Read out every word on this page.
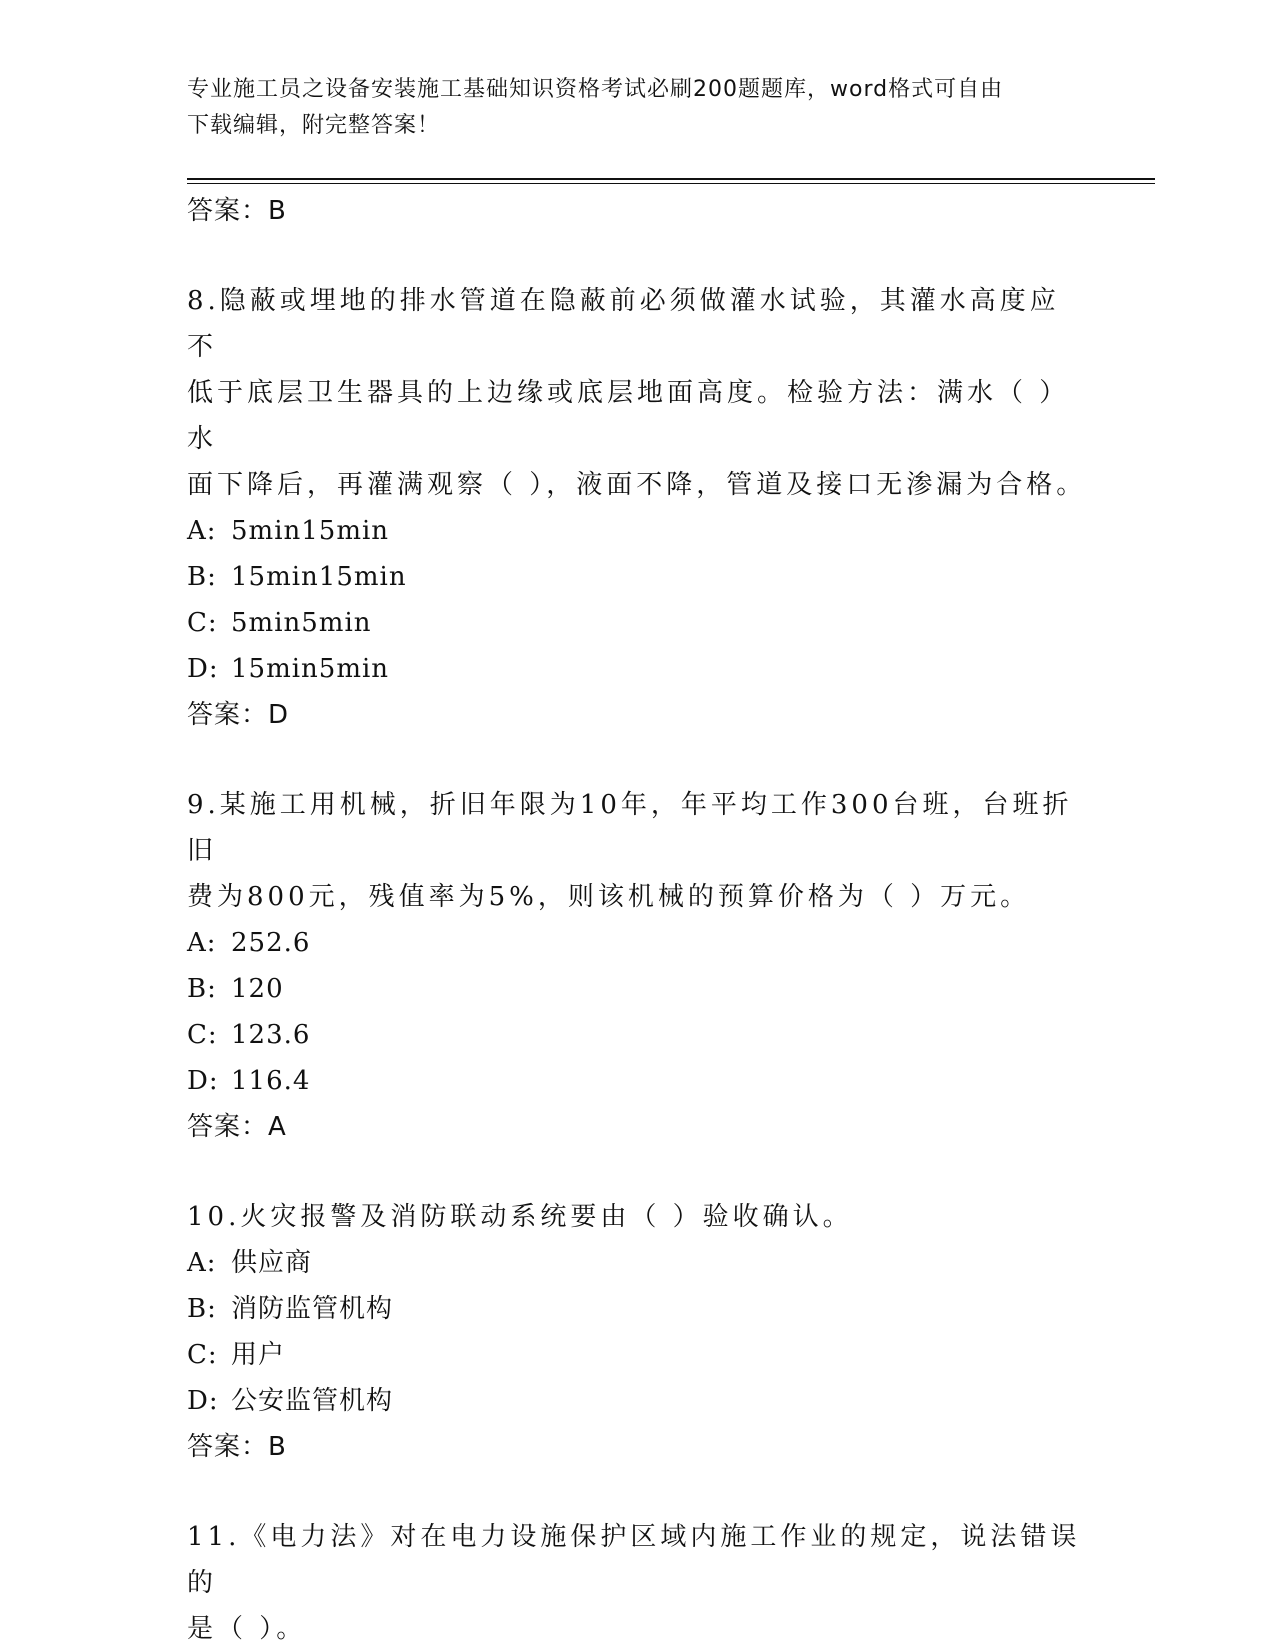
专业施工员之设备安装施工基础知识资格考试必刷200题题库，word格式可自由
下载编辑，附完整答案！
答案：B
8.隐蔽或埋地的排水管道在隐蔽前必须做灌水试验，其灌水高度应不
低于底层卫生器具的上边缘或底层地面高度。检验方法：满水（ ）水
面下降后，再灌满观察（ ），液面不降，管道及接口无渗漏为合格。
A: 5min15min
B: 15min15min
C: 5min5min
D: 15min5min
答案：D
9.某施工用机械，折旧年限为10年，年平均工作300台班，台班折旧
费为800元，残值率为5%，则该机械的预算价格为（ ）万元。
A: 252.6
B: 120
C: 123.6
D: 116.4
答案：A
10.火灾报警及消防联动系统要由（ ）验收确认。
A: 供应商
B: 消防监管机构
C: 用户
D: 公安监管机构
答案：B
11.《电力法》对在电力设施保护区域内施工作业的规定，说法错误的
是（ ）。
